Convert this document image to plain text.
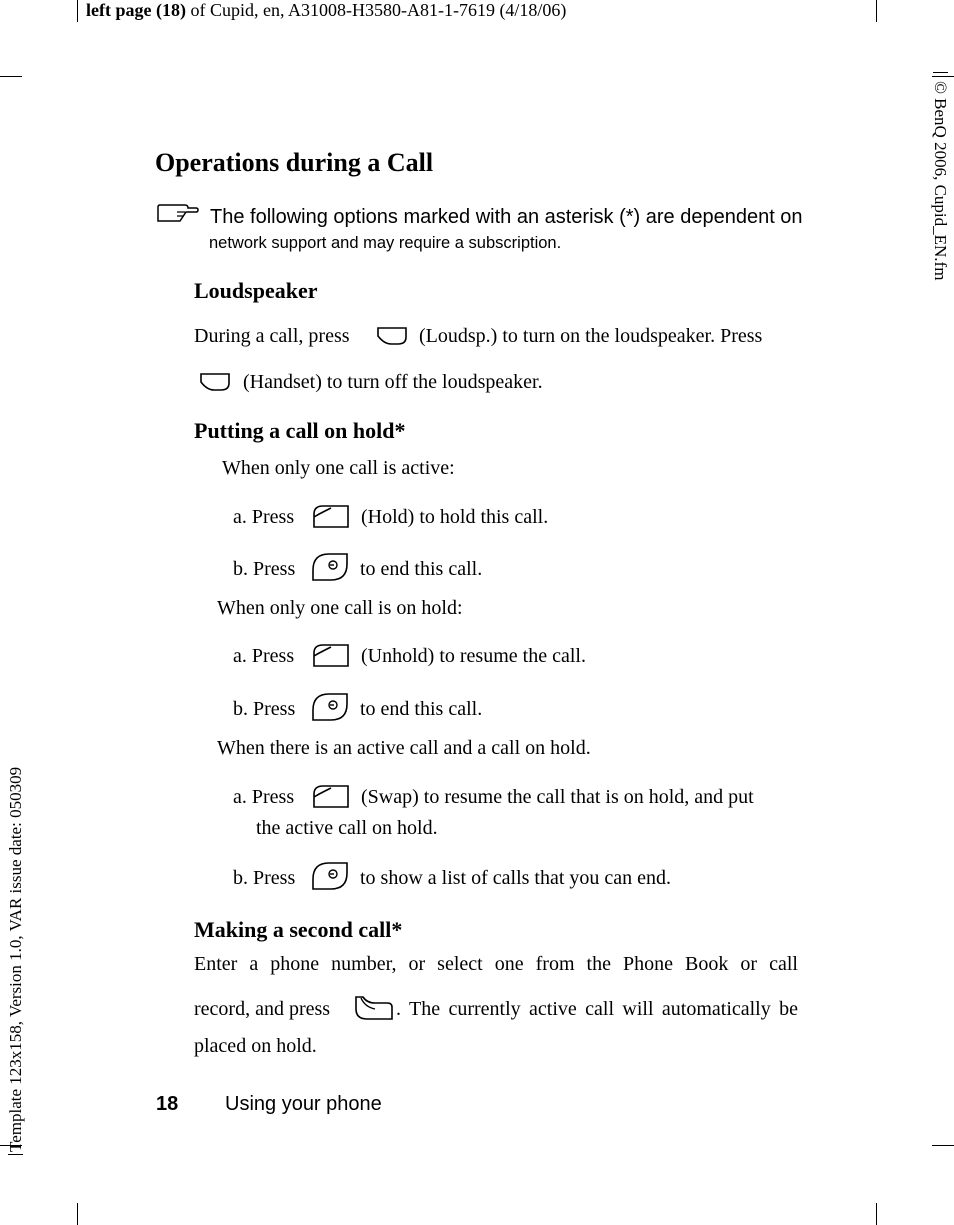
left page (18) of Cupid, en, A31008-H3580-A81-1-7619 (4/18/06)
Template 123x158, Version 1.0, VAR issue date: 050309
© BenQ 2006, Cupid_EN.fm
Operations during a Call
The following options marked with an asterisk (*) are dependent on
network support and may require a subscription.
Loudspeaker
During a call, press	(Loudsp.) to turn on the loudspeaker. Press
(Handset) to turn off the loudspeaker.
Putting a call on hold*
When only one call is active:
a. Press	(Hold) to hold this call.
b. Press	to end this call.
When only one call is on hold:
a. Press	(Unhold) to resume the call.
b. Press	to end this call.
When there is an active call and a call on hold.
a. Press	(Swap) to resume the call that is on hold, and put
the active call on hold.
b. Press	to show a list of calls that you can end.
Making a second call*
Enter a phone number, or select one from the Phone Book or call
record, and press	. The currently active call will automatically be
placed on hold.
18 Using your phone
